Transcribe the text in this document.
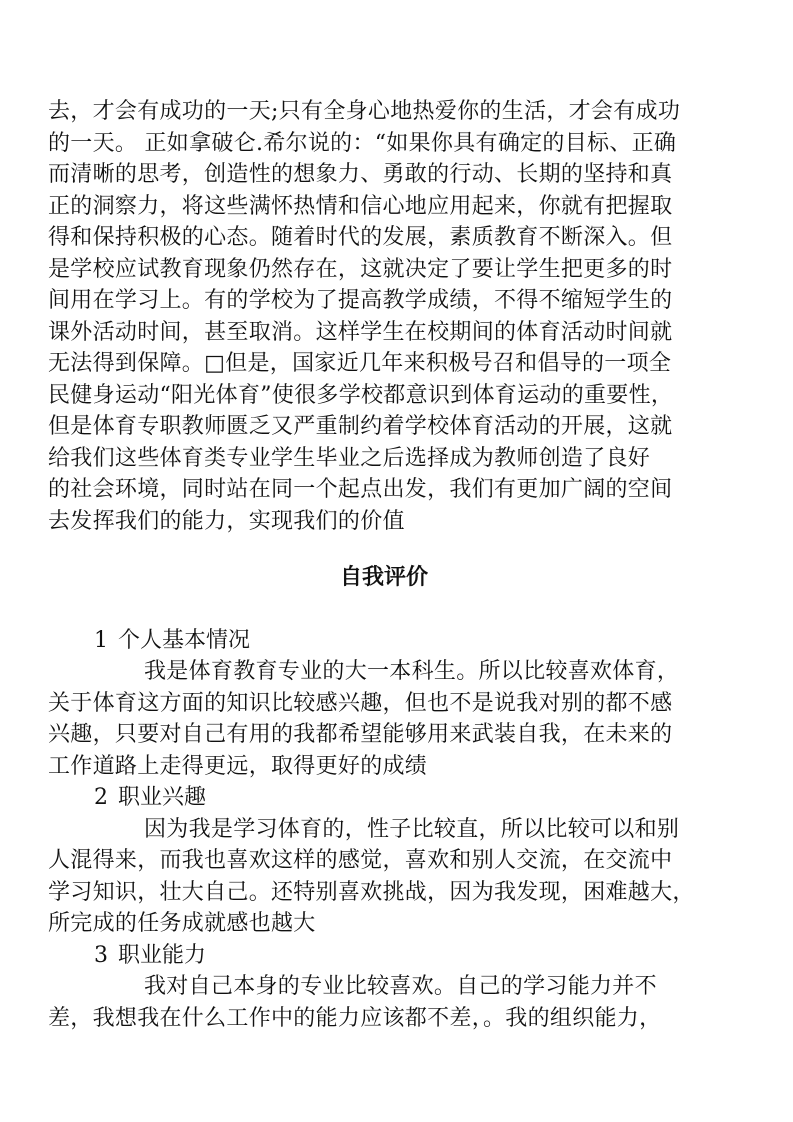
去，才会有成功的一天;只有全身心地热爱你的生活，才会有成功
的一天。 正如拿破仑.希尔说的：“如果你具有确定的目标、正确
而清晰的思考，创造性的想象力、勇敢的行动、长期的坚持和真
正的洞察力，将这些满怀热情和信心地应用起来，你就有把握取
得和保持积极的心态。随着时代的发展，素质教育不断深入。但
是学校应试教育现象仍然存在，这就决定了要让学生把更多的时
间用在学习上。有的学校为了提高教学成绩，不得不缩短学生的
课外活动时间，甚至取消。这样学生在校期间的体育活动时间就
无法得到保障。□但是，国家近几年来积极号召和倡导的一项全
民健身运动“阳光体育”使很多学校都意识到体育运动的重要性，
但是体育专职教师匮乏又严重制约着学校体育活动的开展，这就
给我们这些体育类专业学生毕业之后选择成为教师创造了良好
的社会环境，同时站在同一个起点出发，我们有更加广阔的空间
去发挥我们的能力，实现我们的价值
自我评价
1 个人基本情况
我是体育教育专业的大一本科生。所以比较喜欢体育，
关于体育这方面的知识比较感兴趣，但也不是说我对别的都不感
兴趣，只要对自己有用的我都希望能够用来武装自我，在未来的
工作道路上走得更远，取得更好的成绩
2 职业兴趣
因为我是学习体育的，性子比较直，所以比较可以和别
人混得来，而我也喜欢这样的感觉，喜欢和别人交流，在交流中
学习知识，壮大自己。还特别喜欢挑战，因为我发现，困难越大，
所完成的任务成就感也越大
3 职业能力
我对自己本身的专业比较喜欢。自己的学习能力并不
差，我想我在什么工作中的能力应该都不差，。我的组织能力，
